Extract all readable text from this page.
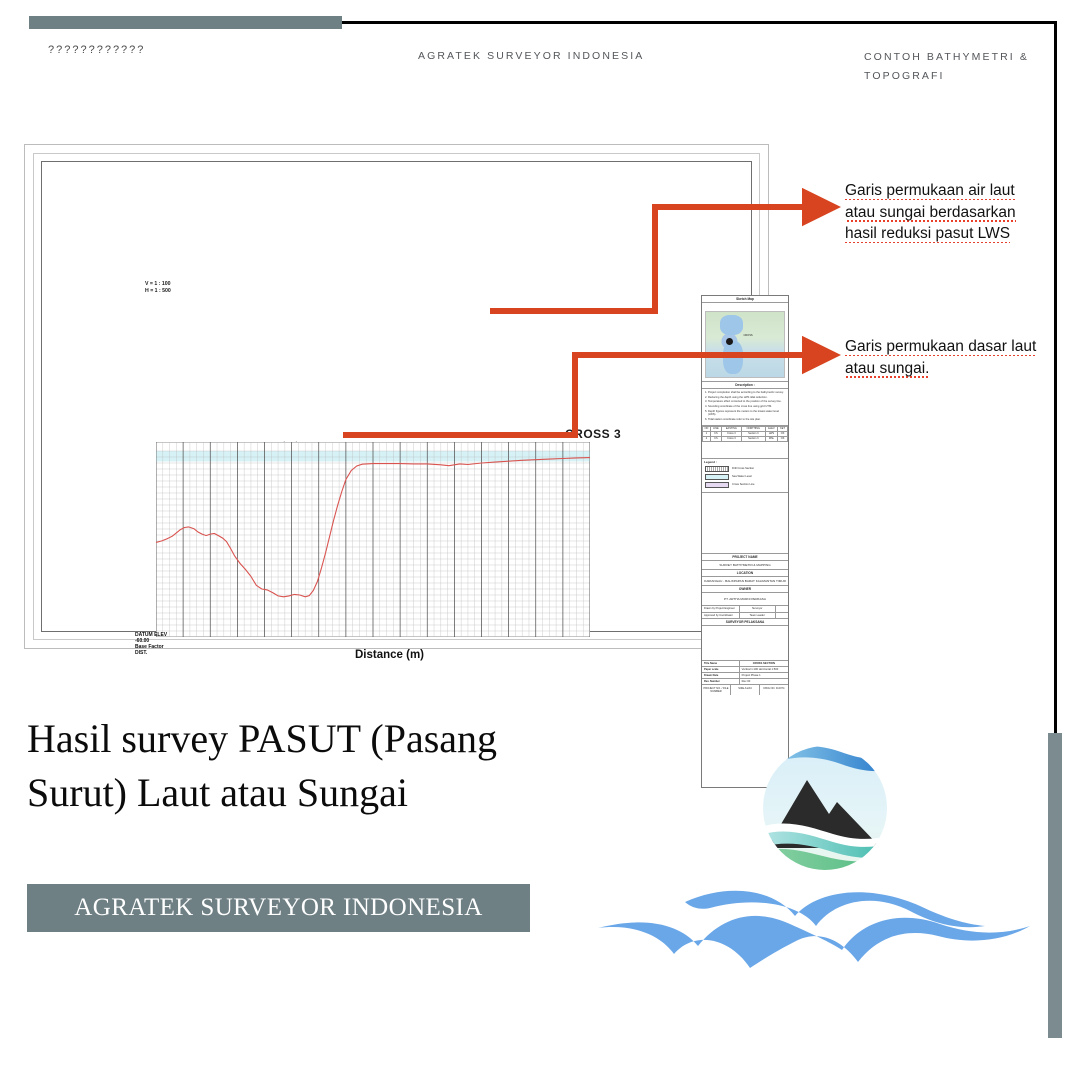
????????????	AGRATEK SURVEYOR INDONESIA	CONTOH BATHYMETRI & TOPOGRAFI
V = 1 : 100
H = 1 : 500
CROSS 3
Distance (m)
DATUM ELEV
-60.00
Base Factor
DIST.
Sketch Map
CROSS
Description :

1. Project completion shall be according to the bathymetric survey.

2. Reducing the depth using the LWS tidal reduction.

3. Temperature effect corrected to the position of the survey line.

4. Sounding coordinate of the cross line using grid UTM.

5. Depth figures represent the meters to the lowest water level (LWS).

6. Tidal station coordinate refer to the site plan.

NO	LINE	EASTING	NORTHING	ELEV	KET
1	CS	Cross 3	Section 3	LWS	OK
2	CS	Cross 3	Section 3	MSL	OK
Legend :
Drill Cross Section
Sea Water Level
Cross Section Line
PROJECT NAME
SURVEY BATHYMETRI & MAPPING
LOCATION
KARIANGAU - BALIKPAPAN BARAT KALIMANTAN TIMUR
OWNER
PT. ARTHA MURNI PERKASA
Drawn by Project Engineer	Surveyor
Approved by Coordinator	Team Leader
SURVEYOR PELAKSANA
Title Name	CROSS SECTION
Paper scale	Vertical 1:100 Horizontal 1:500
Drawn Date	Project Phase 1
Rev. Number	Rev 00
PROJECT NO. / FILE NUMBER
SIZE A1/A3	DWG NO. D-0074
Garis permukaan air laut atau sungai berdasarkan hasil reduksi pasut LWS
Garis permukaan dasar laut atau sungai.
Hasil survey PASUT (Pasang Surut) Laut atau Sungai
AGRATEK SURVEYOR INDONESIA
